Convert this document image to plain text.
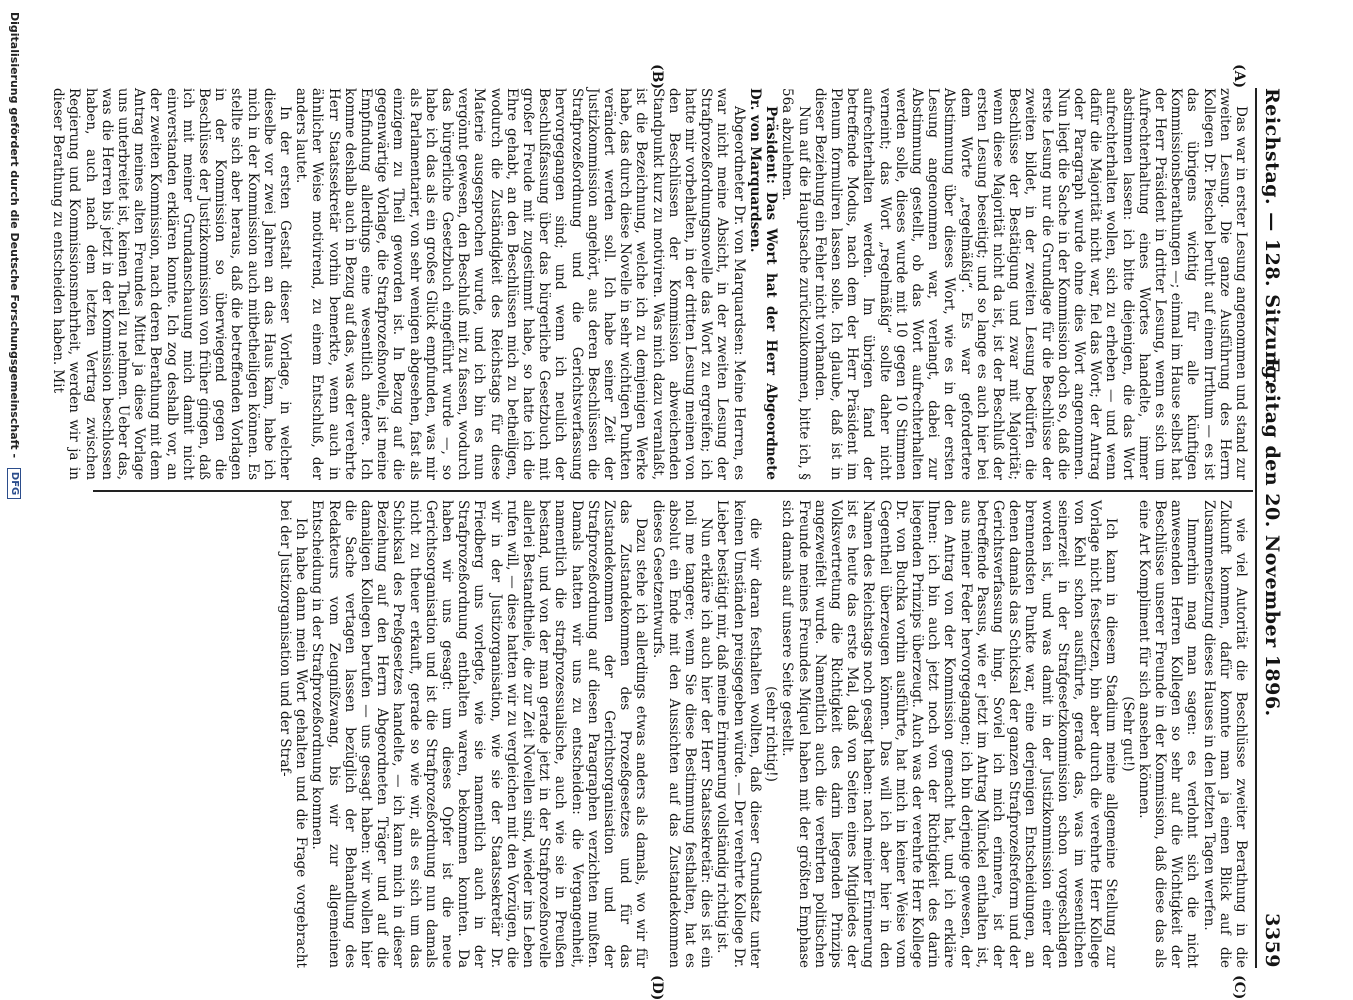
Reichstag. — 128. Sitzung.
Freitag den 20. November 1896.
3359
(A)
(B)
(C)
(D)

Das war in erster Lesung angenommen und stand zur zweiten Lesung. Die ganze Ausführung des Herrn Kollegen Dr. Pieschel beruht auf einem Irrthum — es ist das übrigens wichtig für alle künftigen Kommissionsberathungen —; einmal im Hause selbst hat der Herr Präsident in dritter Lesung, wenn es sich um Aufrechterhaltung eines Wortes handelte, immer abstimmen lassen: ich bitte diejenigen, die das Wort aufrechterhalten wollen, sich zu erheben — und wenn dafür die Majorität nicht war, fiel das Wort; der Antrag oder Paragraph wurde ohne dies Wort angenommen. Nun liegt die Sache in der Kommission doch so, daß die erste Lesung nur die Grundlage für die Beschlüsse der zweiten bildet, in der zweiten Lesung bedürfen die Beschlüsse der Bestätigung und zwar mit Majorität; wenn diese Majorität nicht da ist, ist der Beschluß der ersten Lesung beseitigt; und so lange es auch hier bei dem Worte „regelmäßig“. Es war gefordertere Abstimmung über dieses Wort, wie es in der ersten Lesung angenommen war, verlangt, dabei zur Abstimmung gestellt, ob das Wort aufrechterhalten werden solle, dieses wurde mit 10 gegen 10 Stimmen verneint; das Wort „regelmäßig“ sollte daher nicht aufrechterhalten werden. Im übrigen fand der betreffende Modus, nach dem der Herr Präsident im Plenum formuliren lassen solle. Ich glaube, daß ist in dieser Beziehung ein Fehler nicht vorhanden.

Nun auf die Hauptsache zurückzukommen, bitte ich, § 56a abzulehnen.

Präsident: Das Wort hat der Herr Abgeordnete Dr. von Marquardsen.

Abgeordneter Dr. von Marquardsen: Meine Herren, es war nicht meine Absicht, in der zweiten Lesung der Strafprozeßordnungsnovelle das Wort zu ergreifen; ich hatte mir vorbehalten, in der dritten Lesung meinen von den Beschlüssen der Kommission abweichenden Standpunkt kurz zu motiviren. Was mich dazu veranlaßt, ist die Bezeichnung, welche ich zu demjenigen Werke habe, das durch diese Novelle in sehr wichtigen Punkten verändert werden soll. Ich habe seiner Zeit der Justizkommission angehört, aus deren Beschlüssen die Strafprozeßordnung und die Gerichtsverfassung hervorgegangen sind; und wenn ich neulich der Beschlußfassung über das bürgerliche Gesetzbuch mit großer Freude mit zugestimmt habe, so hatte ich die Ehre gehabt, an den Beschlüssen mich zu betheiligen, wodurch die Zuständigkeit des Reichstags für diese Materie ausgesprochen wurde, und ich bin es nun vergönnt gewesen, den Beschluß mit zu fassen, wodurch das bürgerliche Gesetzbuch eingeführt wurde —, so habe ich das als ein großes Glück empfunden, was mir als Parlamentarier, von sehr wenigen abgesehen, fast als einzigem zu Theil geworden ist. In Bezug auf die gegenwärtige Vorlage, die Strafprozeßnovelle, ist meine Empfindung allerdings eine wesentlich andere. Ich komme deshalb auch in Bezug auf das, was der verehrte Herr Staatssekretär vorhin bemerkte, wenn auch in ähnlicher Weise motivirend, zu einem Entschluß, der anders lautet.

In der ersten Gestalt dieser Vorlage, in welcher dieselbe vor zwei Jahren an das Haus kam, habe ich mich in der Kommission auch mitbetheiligen können. Es stellte sich aber heraus, daß die betreffenden Vorlagen in der Kommission so überwiegend gegen die Beschlüsse der Justizkommission von früher gingen, daß ich mit meiner Grundanschauung mich damit nicht einverstanden erklären konnte. Ich zog deshalb vor, an der zweiten Kommission, nach deren Berathung mit dem Antrag meines alten Freundes Mittel ja diese Vorlage uns unterbreitet ist, keinen Theil zu nehmen. Ueber das, was die Herren bis jetzt in der Kommission beschlossen haben, auch nach dem letzten Vertrag zwischen Regierung und Kommissionsmehrheit, werden wir ja in dieser Berathung zu entscheiden haben. Mit

wie viel Autorität die Beschlüsse zweiter Berathung in die Zukunft kommen, dafür konnte man ja einen Blick auf die Zusammensetzung dieses Hauses in den letzten Tagen werfen.

Immerhin mag man sagen: es verlohnt sich die nicht anwesenden Herren Kollegen so sehr auf die Wichtigkeit der Beschlüsse unserer Freunde in der Kommission, daß diese das als eine Art Kompliment für sich ansehen können.

(Sehr gut!)

Ich kann in diesem Stadium meine allgemeine Stellung zur Vorlage nicht festsetzen, bin aber durch die verehrte Herr Kollege von Kehl schon ausführte, gerade das, was im wesentlichen seinerzeit in der Strafgesetzkommission schon vorgeschlagen worden ist, und was damit in der Justizkommission einer der brennendsten Punkte war, eine derjenigen Entscheidungen, an denen damals das Schicksal der ganzen Strafprozeßreform und der Gerichtsverfassung hing. Soviel ich mich erinnere, ist der betreffende Passus, wie er jetzt im Antrag Münckel enthalten ist, aus meiner Feder hervorgegangen; ich bin derjenige gewesen, der den Antrag von der Kommission gemacht hat, und ich erkläre Ihnen: ich bin auch jetzt noch von der Richtigkeit des darin liegenden Prinzips überzeugt. Auch was der verehrte Herr Kollege Dr. von Buchka vorhin ausführte, hat mich in keiner Weise vom Gegentheil überzeugen können. Das will ich aber hier in den Namen des Reichstags noch gesagt haben: nach meiner Erinnerung ist es heute das erste Mal, daß von Seiten eines Mitgliedes der Volksvertretung die Richtigkeit des darin liegenden Prinzips angezweifelt wurde. Namentlich auch die verehrten politischen Freunde meines Freundes Miquel haben mit der größten Emphase sich damals auf unsere Seite gestellt.

(sehr richtig!)

die wir daran festhalten wollten, daß dieser Grundsatz unter keinen Umständen preisgegeben würde. — Der verehrte Kollege Dr. Lieber bestätigt mir, daß meine Erinnerung vollständig richtig ist.

Nun erkläre ich auch hier der Herr Staatssekretär: dies ist ein noli me tangere; wenn Sie diese Bestimmung festhalten, hat es absolut ein Ende mit den Aussichten auf das Zustandekommen dieses Gesetzentwurfs.

Dazu stehe ich allerdings etwas anders als damals, wo wir für das Zustandekommen des Prozeßgesetzes und für das Zustandekommen der Gerichtsorganisation und der Strafprozeßordnung auf diesen Paragraphen verzichten mußten. Damals hatten wir uns zu entscheiden: die Vergangenheit, namentlich die strafprozessualische, auch wie sie in Preußen bestand, und von der man gerade jetzt in der Strafprozeßnovelle allerlei Bestandtheile, die zur Zeit Novellen sind, wieder ins Leben rufen will, — diese hatten wir zu vergleichen mit den Vorzügen, die wir in der Justizorganisation, wie sie der Staatssekretär Dr. Friedberg uns vorlegte, wie sie namentlich auch in der Strafprozeßordnung enthalten waren, bekommen konnten. Da haben wir uns gesagt: um dieses Opfer ist die neue Gerichtsorganisation und ist die Strafprozeßordnung nun damals nicht zu theuer erkauft, gerade so wie wir, als es sich um das Schicksal des Preßgesetzes handelte, — ich kann mich in dieser Beziehung auf den Herrn Abgeordneten Träger und auf die damaligen Kollegen berufen — uns gesagt haben: wir wollen hier die Sache vertagen lassen bezüglich der Behandlung des Redakteurs vom Zeugnißzwang, bis wir zur allgemeinen Entscheidung in der Strafprozeßordnung kommen.

Ich habe dann mein Wort gehalten und die Frage vorgebracht bei der Justizorganisation und der Straf-

Digitalisierung gefördert durch die Deutsche Forschungsgemeinschaft - DFG
